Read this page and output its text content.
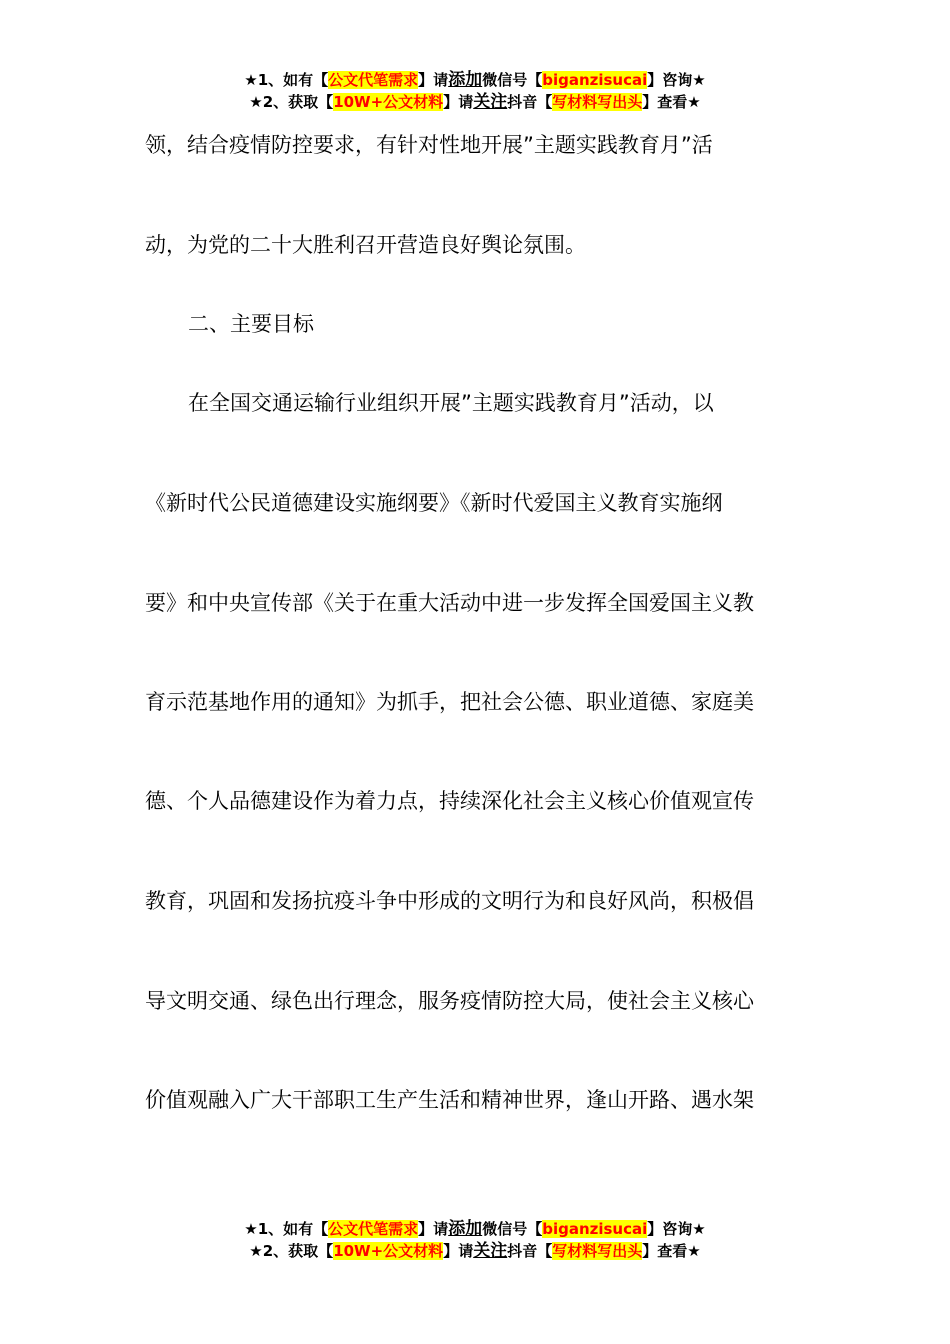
★1、如有【公文代笔需求】请添加微信号【biganzisucai】咨询★
★2、获取【10W+公文材料】请关注抖音【写材料写出头】查看★
领，结合疫情防控要求，有针对性地开展”主题实践教育月”活
动，为党的二十大胜利召开营造良好舆论氛围。
二、主要目标
在全国交通运输行业组织开展”主题实践教育月”活动，以
《新时代公民道德建设实施纲要》《新时代爱国主义教育实施纲
要》和中央宣传部《关于在重大活动中进一步发挥全国爱国主义教
育示范基地作用的通知》为抓手，把社会公德、职业道德、家庭美
德、个人品德建设作为着力点，持续深化社会主义核心价值观宣传
教育，巩固和发扬抗疫斗争中形成的文明行为和良好风尚，积极倡
导文明交通、绿色出行理念，服务疫情防控大局，使社会主义核心
价值观融入广大干部职工生产生活和精神世界，逢山开路、遇水架
★1、如有【公文代笔需求】请添加微信号【biganzisucai】咨询★
★2、获取【10W+公文材料】请关注抖音【写材料写出头】查看★
